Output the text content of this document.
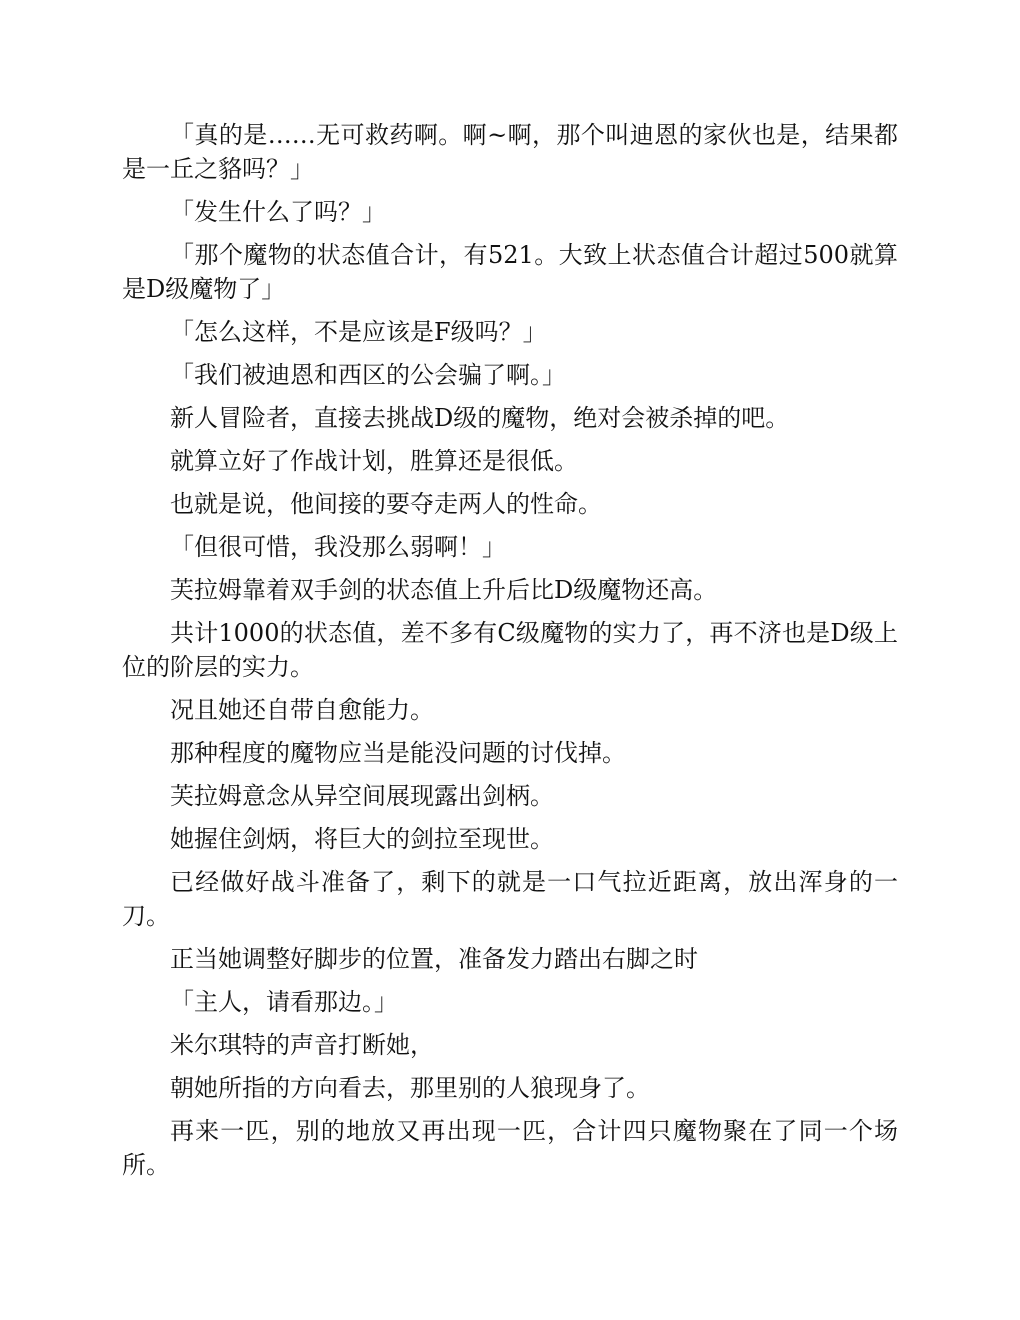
「真的是……无可救药啊。啊~啊，那个叫迪恩的家伙也是，结果都是一丘之貉吗？」

「发生什么了吗？」

「那个魔物的状态值合计，有521。大致上状态值合计超过500就算是D级魔物了」

「怎么这样，不是应该是F级吗？」

「我们被迪恩和西区的公会骗了啊。」

新人冒险者，直接去挑战D级的魔物，绝对会被杀掉的吧。

就算立好了作战计划，胜算还是很低。

也就是说，他间接的要夺走两人的性命。

「但很可惜，我没那么弱啊！」

芙拉姆靠着双手剑的状态值上升后比D级魔物还高。

共计1000的状态值，差不多有C级魔物的实力了，再不济也是D级上位的阶层的实力。

况且她还自带自愈能力。

那种程度的魔物应当是能没问题的讨伐掉。

芙拉姆意念从异空间展现露出剑柄。

她握住剑炳，将巨大的剑拉至现世。

已经做好战斗准备了，剩下的就是一口气拉近距离，放出浑身的一刀。

正当她调整好脚步的位置，准备发力踏出右脚之时

「主人，请看那边。」

米尔琪特的声音打断她，

朝她所指的方向看去，那里别的人狼现身了。

再来一匹，别的地放又再出现一匹，合计四只魔物聚在了同一个场所。
